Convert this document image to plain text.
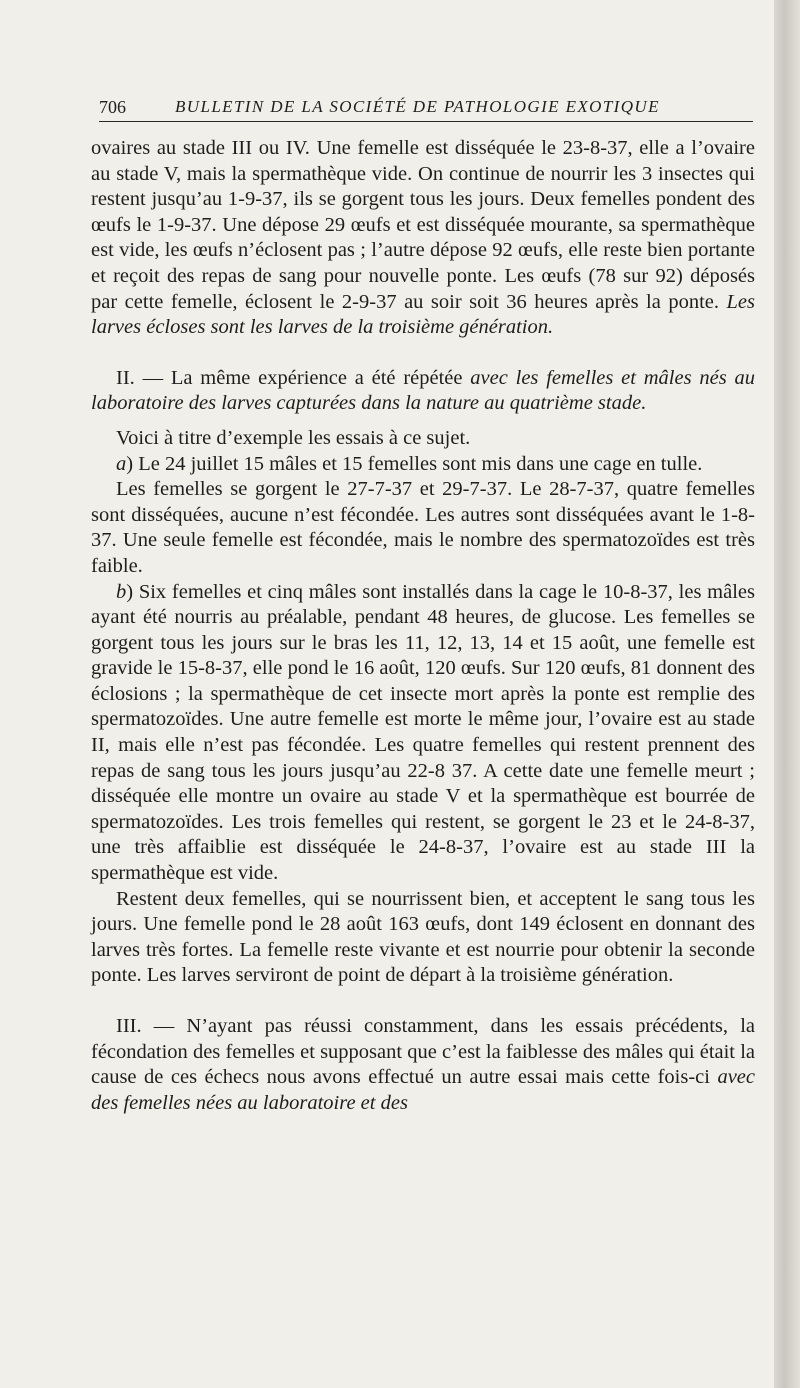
706	BULLETIN DE LA SOCIÉTÉ DE PATHOLOGIE EXOTIQUE

ovaires au stade III ou IV. Une femelle est disséquée le 23-8-37, elle a l’ovaire au stade V, mais la spermathèque vide. On continue de nourrir les 3 insectes qui restent jusqu’au 1-9-37, ils se gorgent tous les jours. Deux femelles pondent des œufs le 1-9-37. Une dépose 29 œufs et est disséquée mourante, sa spermathèque est vide, les œufs n’éclosent pas ; l’autre dépose 92 œufs, elle reste bien portante et reçoit des repas de sang pour nouvelle ponte. Les œufs (78 sur 92) déposés par cette femelle, éclosent le 2-9-37 au soir soit 36 heures après la ponte. Les larves écloses sont les larves de la troisième génération.

II. — La même expérience a été répétée avec les femelles et mâles nés au laboratoire des larves capturées dans la nature au quatrième stade.

Voici à titre d’exemple les essais à ce sujet.

a) Le 24 juillet 15 mâles et 15 femelles sont mis dans une cage en tulle.

Les femelles se gorgent le 27-7-37 et 29-7-37. Le 28-7-37, quatre femelles sont disséquées, aucune n’est fécondée. Les autres sont disséquées avant le 1-8-37. Une seule femelle est fécondée, mais le nombre des spermatozoïdes est très faible.

b) Six femelles et cinq mâles sont installés dans la cage le 10-8-37, les mâles ayant été nourris au préalable, pendant 48 heures, de glucose. Les femelles se gorgent tous les jours sur le bras les 11, 12, 13, 14 et 15 août, une femelle est gravide le 15-8-37, elle pond le 16 août, 120 œufs. Sur 120 œufs, 81 donnent des éclosions ; la spermathèque de cet insecte mort après la ponte est remplie des spermatozoïdes. Une autre femelle est morte le même jour, l’ovaire est au stade II, mais elle n’est pas fécondée. Les quatre femelles qui restent prennent des repas de sang tous les jours jusqu’au 22-8 37. A cette date une femelle meurt ; disséquée elle montre un ovaire au stade V et la spermathèque est bourrée de spermatozoïdes. Les trois femelles qui restent, se gorgent le 23 et le 24-8-37, une très affaiblie est disséquée le 24-8-37, l’ovaire est au stade III la spermathèque est vide.

Restent deux femelles, qui se nourrissent bien, et acceptent le sang tous les jours. Une femelle pond le 28 août 163 œufs, dont 149 éclosent en donnant des larves très fortes. La femelle reste vivante et est nourrie pour obtenir la seconde ponte. Les larves serviront de point de départ à la troisième génération.

III. — N’ayant pas réussi constamment, dans les essais précédents, la fécondation des femelles et supposant que c’est la faiblesse des mâles qui était la cause de ces échecs nous avons effectué un autre essai mais cette fois-ci avec des femelles nées au laboratoire et des
